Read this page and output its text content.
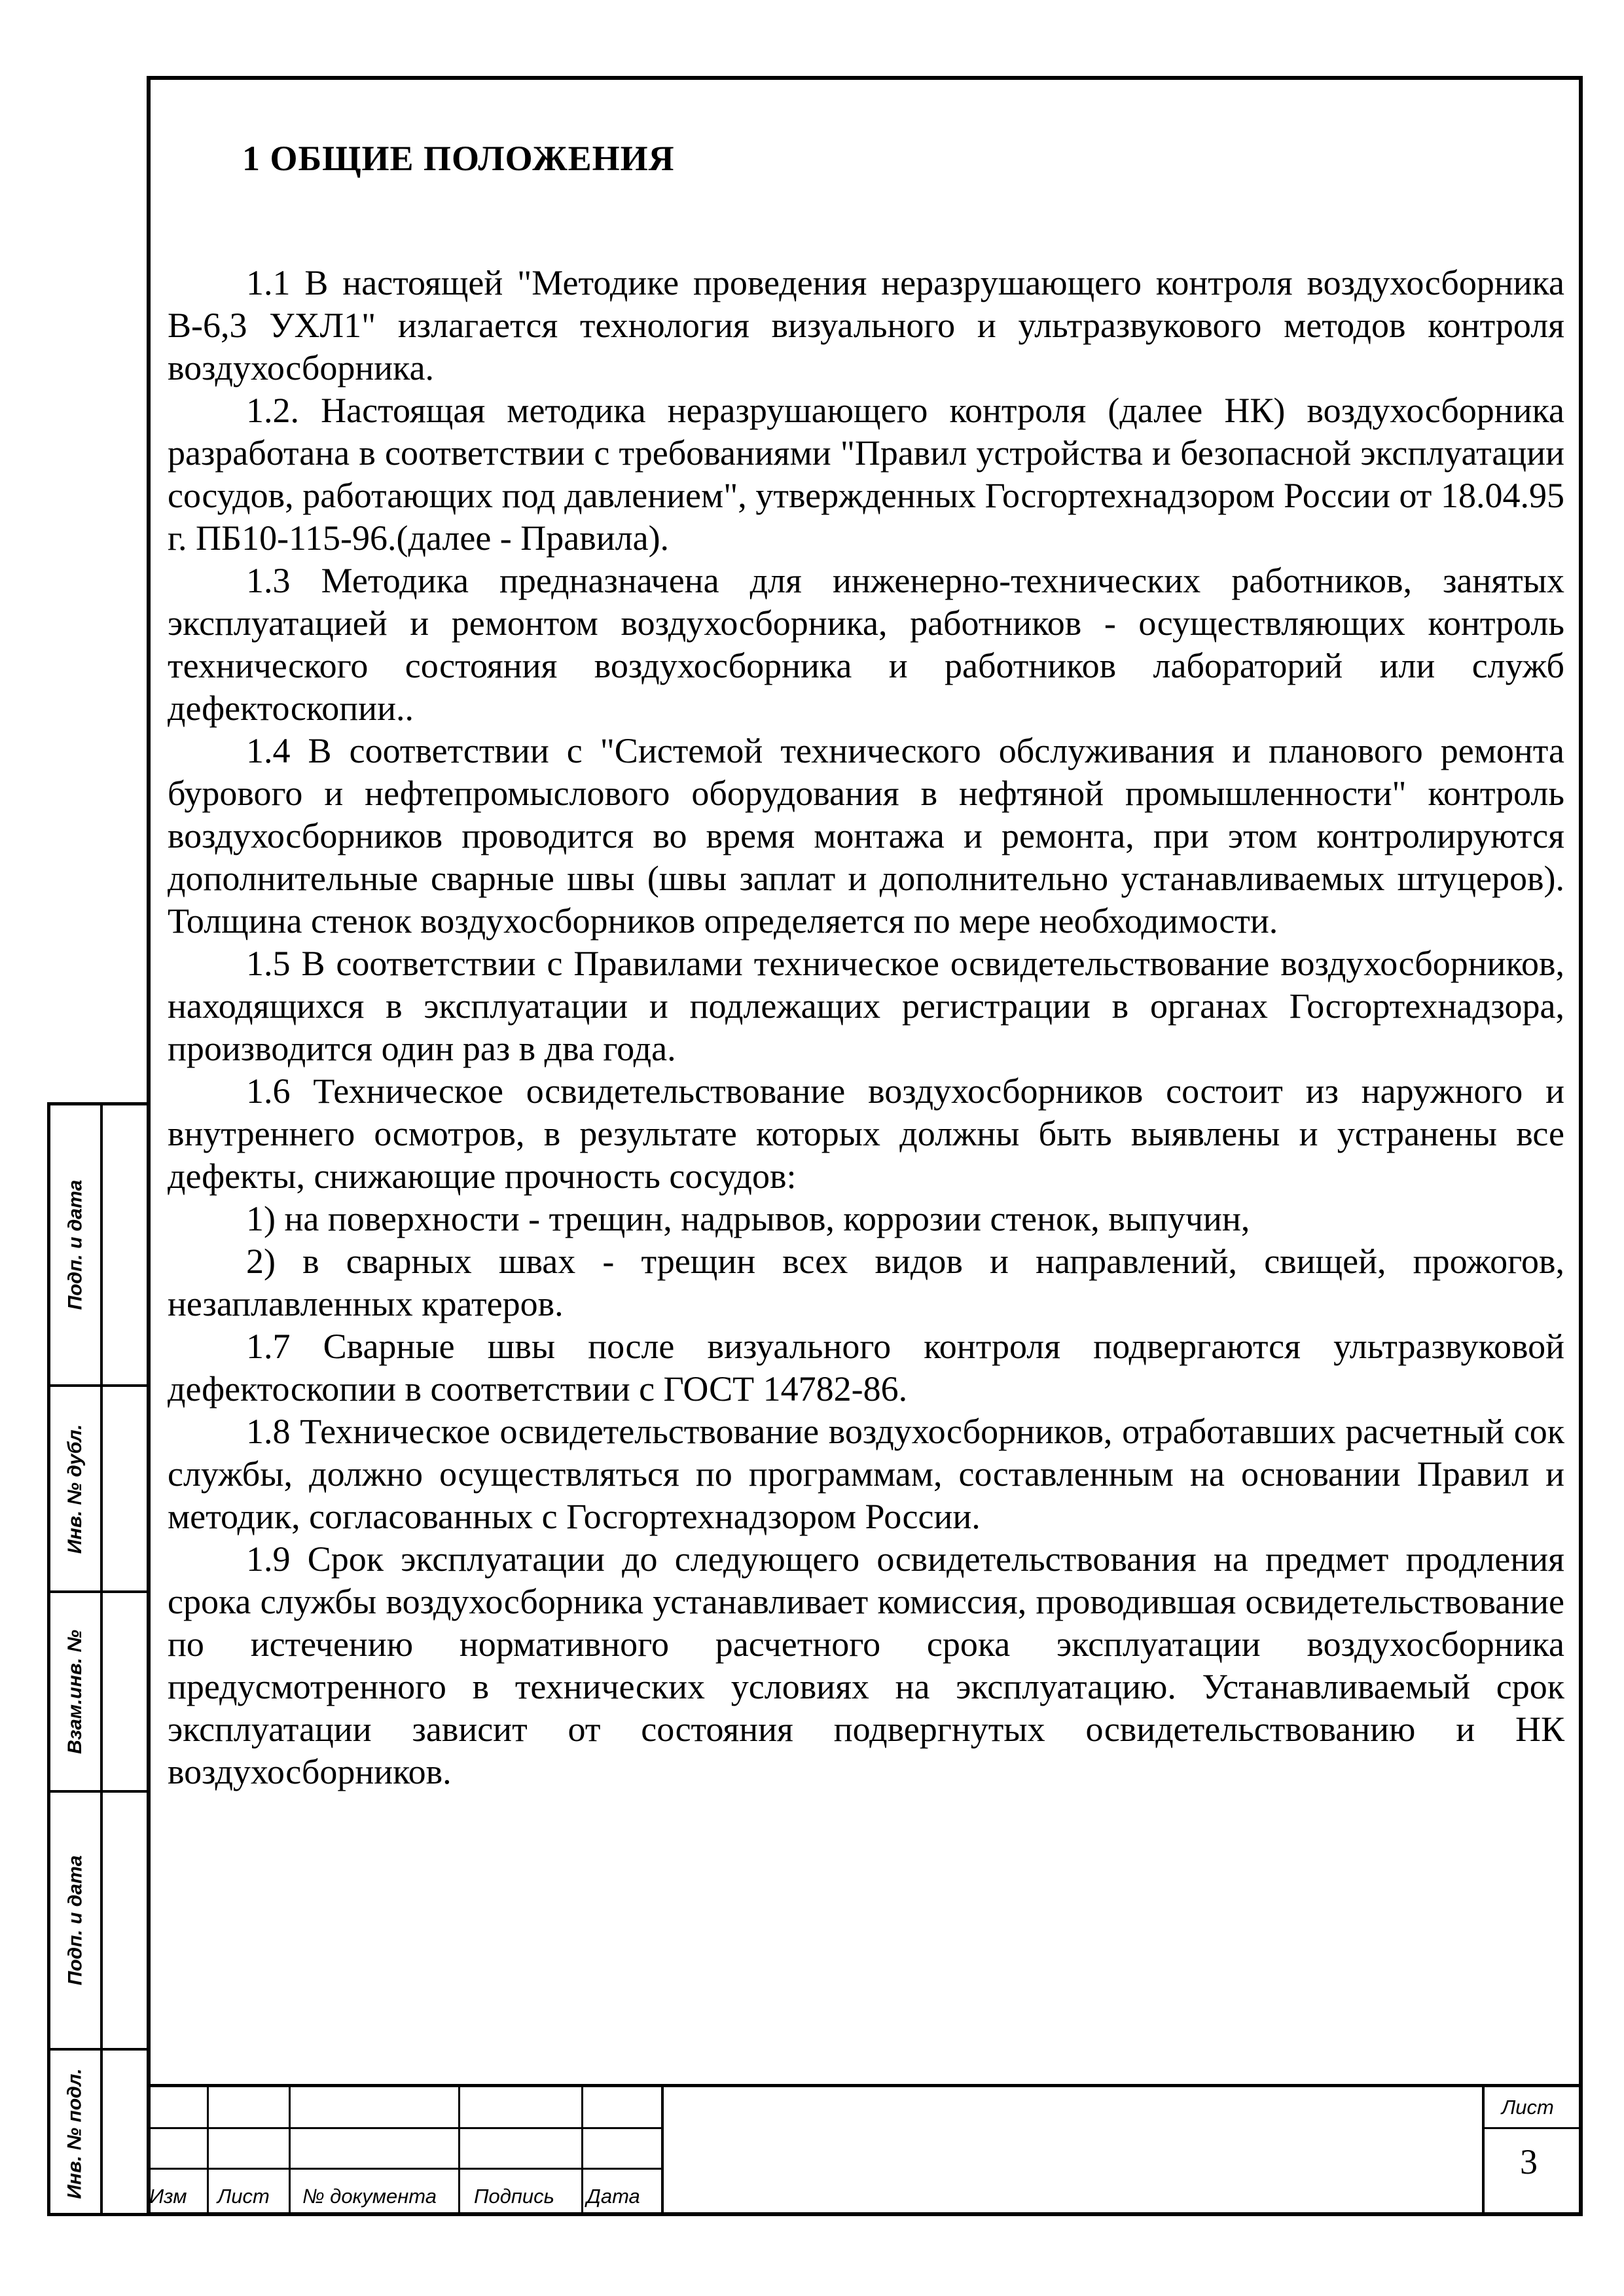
1 ОБЩИЕ ПОЛОЖЕНИЯ

1.1 В настоящей "Методике проведения неразрушающего контроля воздухосборника В-6,3 УХЛ1" излагается технология визуального и ультразвукового методов контроля воздухосборника.

1.2. Настоящая методика неразрушающего контроля (далее НК) воздухосборника разработана в соответствии с требованиями "Правил устройства и безопасной эксплуатации сосудов, работающих под давлением", утвержденных Госгортехнадзором России от 18.04.95 г. ПБ10-115-96.(далее - Правила).

1.3 Методика предназначена для инженерно-технических работников, занятых эксплуатацией и ремонтом воздухосборника, работников - осуществляющих контроль технического состояния воздухосборника и работников лабораторий или служб дефектоскопии..

1.4 В соответствии с "Системой технического обслуживания и планового ремонта бурового и нефтепромыслового оборудования в нефтяной промышленности" контроль воздухосборников проводится во время монтажа и ремонта, при этом контролируются дополнительные сварные швы (швы заплат и дополнительно устанавливаемых штуцеров). Толщина стенок воздухосборников определяется по мере необходимости.

1.5 В соответствии с Правилами техническое освидетельствование воздухосборников, находящихся в эксплуатации и подлежащих регистрации в органах Госгортехнадзора, производится один раз в два года.

1.6 Техническое освидетельствование воздухосборников состоит из наружного и внутреннего осмотров, в результате которых должны быть выявлены и устранены все дефекты, снижающие прочность сосудов:

1) на поверхности - трещин, надрывов, коррозии стенок, выпучин,

2) в сварных швах - трещин всех видов и направлений, свищей, прожогов, незаплавленных кратеров.

1.7 Сварные швы после визуального контроля подвергаются ультразвуковой дефектоскопии в соответствии с ГОСТ 14782-86.

1.8 Техническое освидетельствование воздухосборников, отработавших расчетный сок службы, должно осуществляться по программам, составленным на основании Правил и методик, согласованных с Госгортехнадзором России.

1.9 Срок эксплуатации до следующего освидетельствования на предмет продления срока службы воздухосборника устанавливает комиссия, проводившая освидетельствование по истечению нормативного расчетного срока эксплуатации воздухосборника предусмотренного в технических условиях на эксплуатацию. Устанавливаемый срок эксплуатации зависит от состояния подвергнутых освидетельствованию и НК воздухосборников.

Подп. и дата
Инв. № дубл.
Взам.инв. №
Подп. и дата
Инв. № подл.	Изм Лист № документа Подпись Дата
Лист
3
